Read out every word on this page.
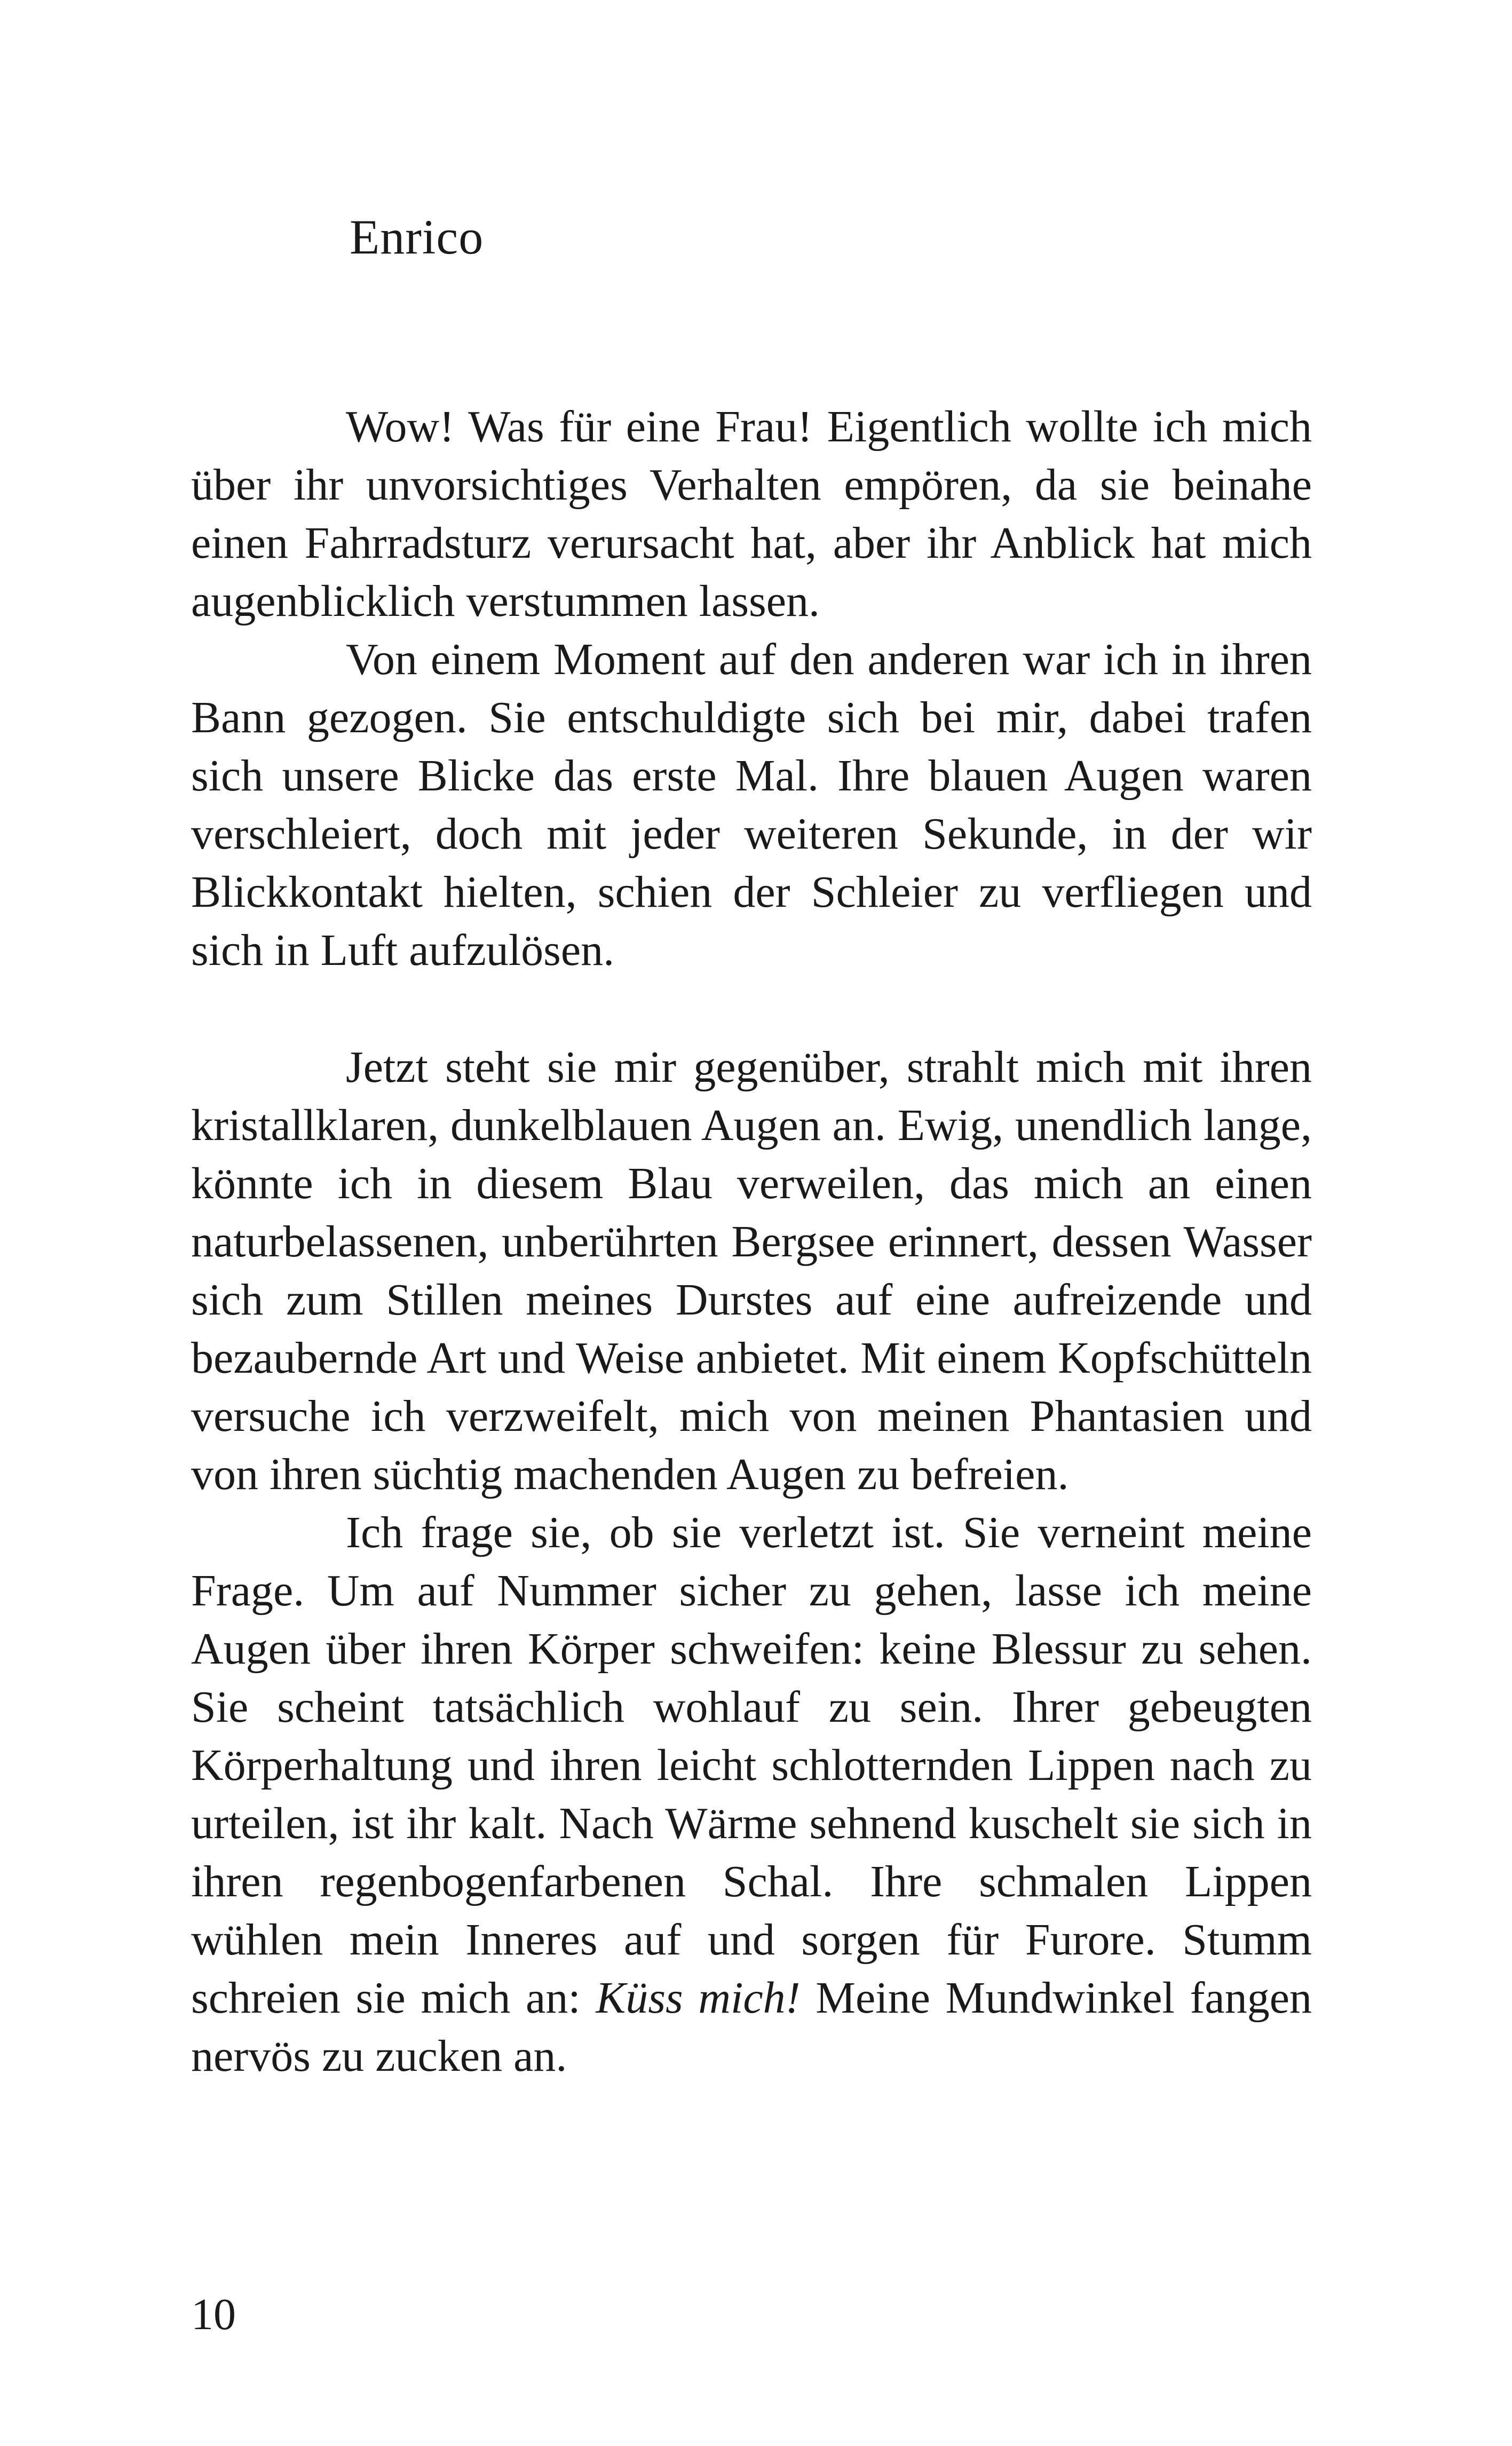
Enrico

Wow! Was für eine Frau! Eigentlich wollte ich mich über ihr unvorsichtiges Verhalten empören, da sie beinahe einen Fahrradsturz verursacht hat, aber ihr Anblick hat mich augenblicklich verstummen lassen.

Von einem Moment auf den anderen war ich in ihren Bann gezogen. Sie entschuldigte sich bei mir, dabei trafen sich unsere Blicke das erste Mal. Ihre blauen Augen waren verschleiert, doch mit jeder weiteren Sekunde, in der wir Blickkontakt hielten, schien der Schleier zu verfliegen und sich in Luft aufzulösen.

Jetzt steht sie mir gegenüber, strahlt mich mit ihren kristallklaren, dunkelblauen Augen an. Ewig, unendlich lange, könnte ich in diesem Blau verweilen, das mich an einen naturbelassenen, unberührten Bergsee erinnert, dessen Wasser sich zum Stillen meines Durstes auf eine aufreizende und bezaubernde Art und Weise anbietet. Mit einem Kopfschütteln versuche ich verzweifelt, mich von meinen Phantasien und von ihren süchtig machenden Augen zu befreien.

Ich frage sie, ob sie verletzt ist. Sie verneint meine Frage. Um auf Nummer sicher zu gehen, lasse ich meine Augen über ihren Körper schweifen: keine Blessur zu sehen. Sie scheint tatsächlich wohlauf zu sein. Ihrer gebeugten Körperhaltung und ihren leicht schlotternden Lippen nach zu urteilen, ist ihr kalt. Nach Wärme sehnend kuschelt sie sich in ihren regenbogenfarbenen Schal. Ihre schmalen Lippen wühlen mein Inneres auf und sorgen für Furore. Stumm schreien sie mich an: Küss mich! Meine Mundwinkel fangen nervös zu zucken an.

10
